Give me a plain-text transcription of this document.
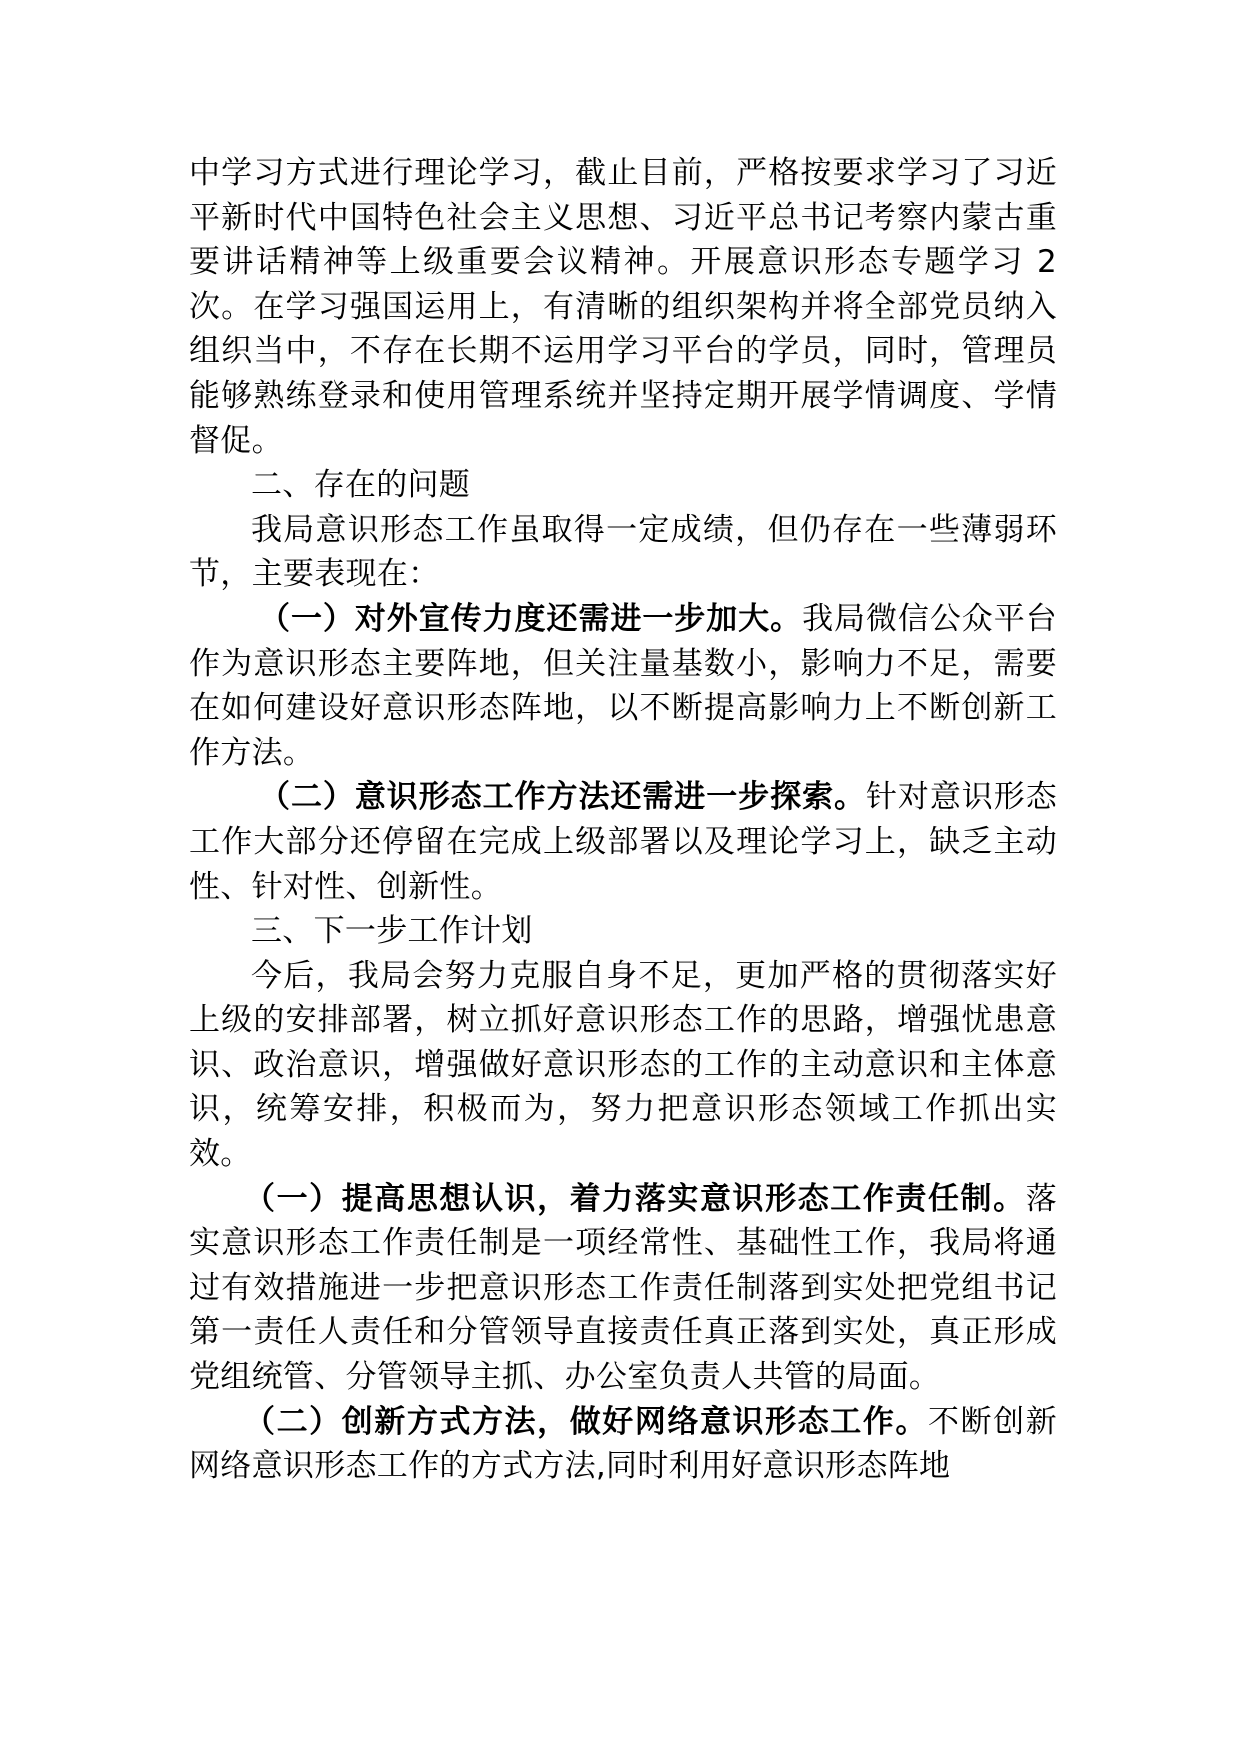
中学习方式进行理论学习，截止目前，严格按要求学习了习近平新时代中国特色社会主义思想、习近平总书记考察内蒙古重要讲话精神等上级重要会议精神。开展意识形态专题学习 2 次。在学习强国运用上，有清晰的组织架构并将全部党员纳入组织当中，不存在长期不运用学习平台的学员，同时，管理员能够熟练登录和使用管理系统并坚持定期开展学情调度、学情督促。

二、存在的问题

我局意识形态工作虽取得一定成绩，但仍存在一些薄弱环节，主要表现在：

（一）对外宣传力度还需进一步加大。我局微信公众平台作为意识形态主要阵地，但关注量基数小，影响力不足，需要在如何建设好意识形态阵地，以不断提高影响力上不断创新工作方法。

（二）意识形态工作方法还需进一步探索。针对意识形态工作大部分还停留在完成上级部署以及理论学习上，缺乏主动性、针对性、创新性。

三、下一步工作计划

今后，我局会努力克服自身不足，更加严格的贯彻落实好上级的安排部署，树立抓好意识形态工作的思路，增强忧患意识、政治意识，增强做好意识形态的工作的主动意识和主体意识，统筹安排，积极而为，努力把意识形态领域工作抓出实效。

（一）提高思想认识，着力落实意识形态工作责任制。落实意识形态工作责任制是一项经常性、基础性工作，我局将通过有效措施进一步把意识形态工作责任制落到实处把党组书记第一责任人责任和分管领导直接责任真正落到实处，真正形成党组统管、分管领导主抓、办公室负责人共管的局面。

（二）创新方式方法，做好网络意识形态工作。不断创新网络意识形态工作的方式方法,同时利用好意识形态阵地
